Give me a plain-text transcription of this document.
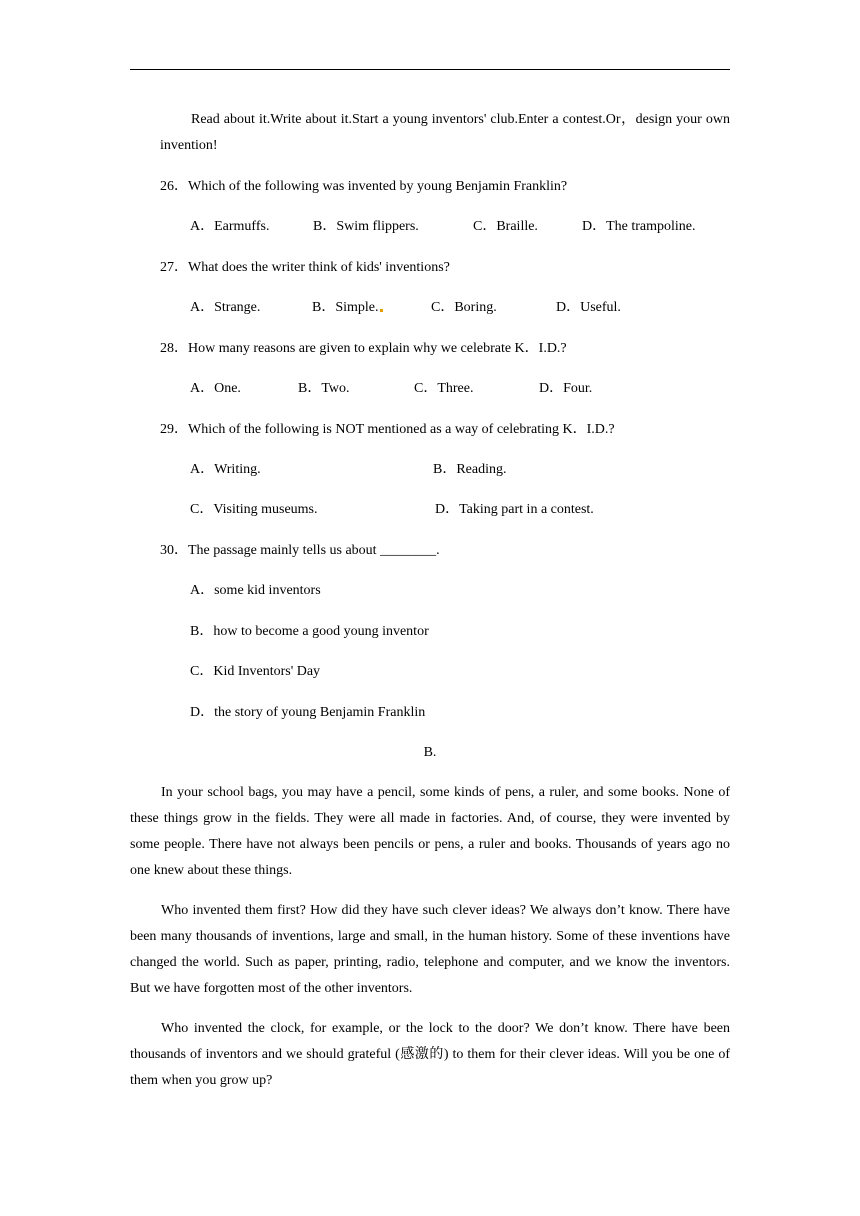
Read about it.Write about it.Start a young inventors' club.Enter a contest.Or，design your own invention!
26．Which of the following was invented by young Benjamin Franklin?
A．Earmuffs.	B．Swim flippers.	C．Braille.	D．The trampoline.
27．What does the writer think of kids' inventions?
A．Strange.	B．Simple.	C．Boring.	D．Useful.
28．How many reasons are given to explain why we celebrate K．I.D.?
A．One.	B．Two.	C．Three.	D．Four.
29．Which of the following is NOT mentioned as a way of celebrating K．I.D.?
A．Writing.	B．Reading.
C．Visiting museums.	D．Taking part in a contest.
30．The passage mainly tells us about ________.
A．some kid inventors
B．how to become a good young inventor
C．Kid Inventors' Day
D．the story of young Benjamin Franklin
B.
In your school bags, you may have a pencil, some kinds of pens, a ruler, and some books. None of these things grow in the fields. They were all made in factories. And, of course, they were invented by some people. There have not always been pencils or pens, a ruler and books. Thousands of years ago no one knew about these things.
Who invented them first? How did they have such clever ideas? We always don’t know. There have been many thousands of inventions, large and small, in the human history. Some of these inventions have changed the world. Such as paper, printing, radio, telephone and computer, and we know the inventors. But we have forgotten most of the other inventors.
Who invented the clock, for example, or the lock to the door? We don’t know. There have been thousands of inventors and we should grateful (感激的) to them for their clever ideas. Will you be one of them when you grow up?
